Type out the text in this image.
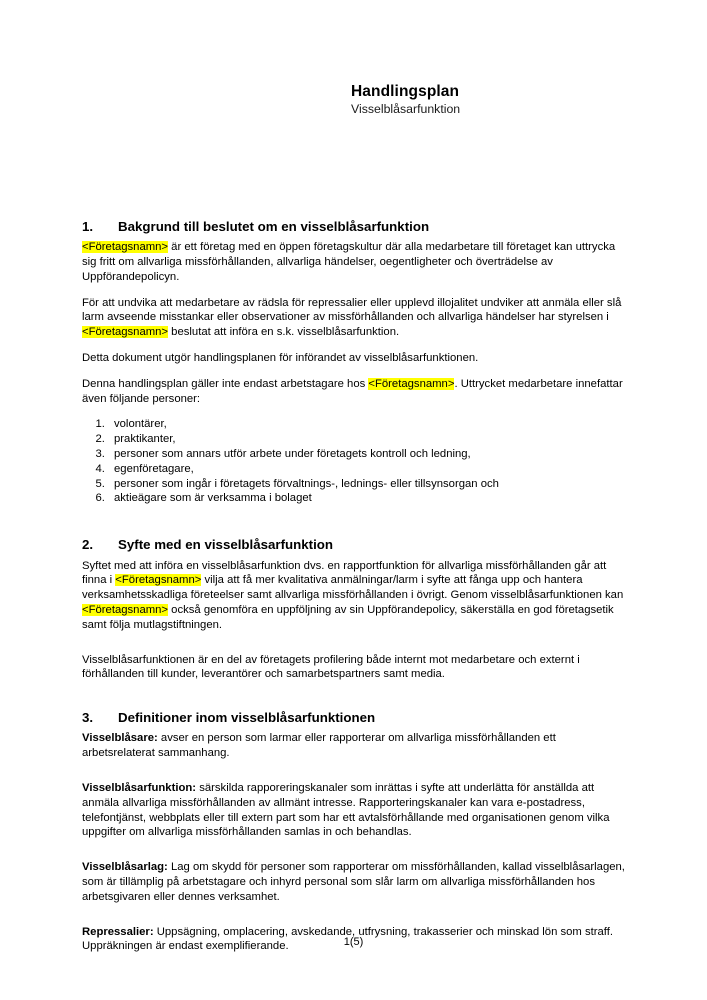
Handlingsplan
Visselblåsarfunktion
1.	Bakgrund till beslutet om en visselblåsarfunktion

<Företagsnamn> är ett företag med en öppen företagskultur där alla medarbetare till företaget kan uttrycka sig fritt om allvarliga missförhållanden, allvarliga händelser, oegentligheter och överträdelse av Uppförandepolicyn.

För att undvika att medarbetare av rädsla för repressalier eller upplevd illojalitet undviker att anmäla eller slå larm avseende misstankar eller observationer av missförhållanden och allvarliga händelser har styrelsen i <Företagsnamn> beslutat att införa en s.k. visselblåsarfunktion.

Detta dokument utgör handlingsplanen för införandet av visselblåsarfunktionen.

Denna handlingsplan gäller inte endast arbetstagare hos <Företagsnamn>. Uttrycket medarbetare innefattar även följande personer:

1. volontärer,
2. praktikanter,
3. personer som annars utför arbete under företagets kontroll och ledning,
4. egenföretagare,
5. personer som ingår i företagets förvaltnings-, lednings- eller tillsynsorgan och
6. aktieägare som är verksamma i bolaget
2.	Syfte med en visselblåsarfunktion

Syftet med att införa en visselblåsarfunktion dvs. en rapportfunktion för allvarliga missförhållanden går att finna i <Företagsnamn> vilja att få mer kvalitativa anmälningar/larm i syfte att fånga upp och hantera verksamhetsskadliga företeelser samt allvarliga missförhållanden i övrigt. Genom visselblåsarfunktionen kan <Företagsnamn> också genomföra en uppföljning av sin Uppförandepolicy, säkerställa en god företagsetik samt följa mutlagstiftningen.

Visselblåsarfunktionen är en del av företagets profilering både internt mot medarbetare och externt i förhållanden till kunder, leverantörer och samarbetspartners samt media.

3.	Definitioner inom visselblåsarfunktionen

Visselblåsare: avser en person som larmar eller rapporterar om allvarliga missförhållanden ett arbetsrelaterat sammanhang.

Visselblåsarfunktion: särskilda rapporeringskanaler som inrättas i syfte att underlätta för anställda att anmäla allvarliga missförhållanden av allmänt intresse. Rapporteringskanaler kan vara e-postadress, telefontjänst, webbplats eller till extern part som har ett avtalsförhållande med organisationen genom vilka uppgifter om allvarliga missförhållanden samlas in och behandlas.

Visselblåsarlag: Lag om skydd för personer som rapporterar om missförhållanden, kallad visselblåsarlagen, som är tillämplig på arbetstagare och inhyrd personal som slår larm om allvarliga missförhållanden hos arbetsgivaren eller dennes verksamhet.

Repressalier: Uppsägning, omplacering, avskedande, utfrysning, trakasserier och minskad lön som straff. Uppräkningen är endast exemplifierande.	1(5)
